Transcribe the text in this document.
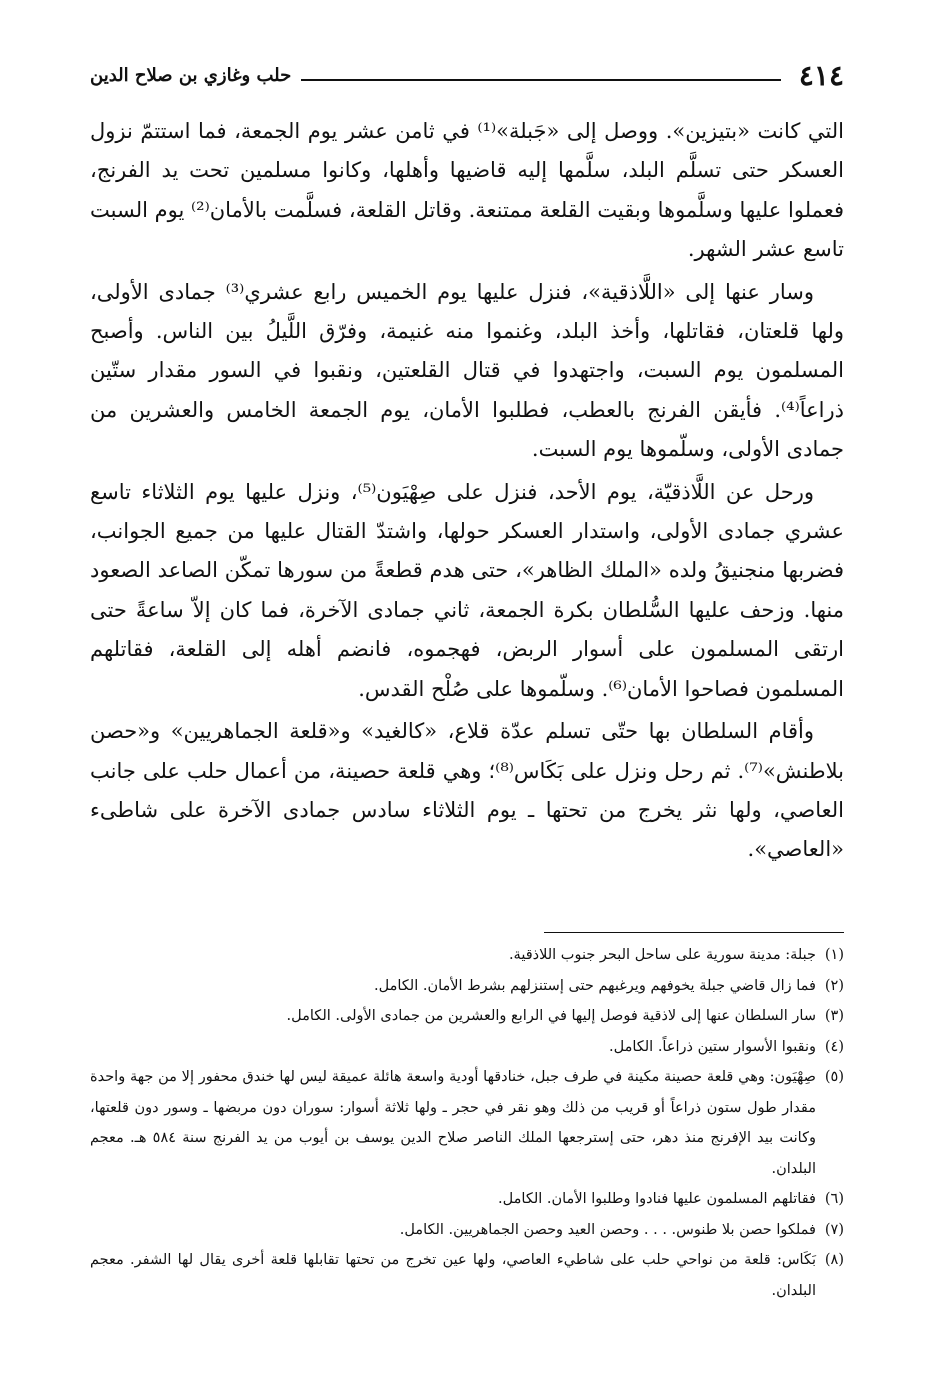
٤١٤
حلب وغازي بن صلاح الدين

التي كانت «بتيزين». ووصل إلى «جَبلة»⁽¹⁾ في ثامن عشر يوم الجمعة، فما استتمّ نزول العسكر حتى تسلَّم البلد، سلَّمها إليه قاضيها وأهلها، وكانوا مسلمين تحت يد الفرنج، فعملوا عليها وسلَّموها وبقيت القلعة ممتنعة. وقاتل القلعة، فسلَّمت بالأمان⁽²⁾ يوم السبت تاسع عشر الشهر.

وسار عنها إلى «اللَّاذقية»، فنزل عليها يوم الخميس رابع عشري⁽³⁾ جمادى الأولى، ولها قلعتان، فقاتلها، وأخذ البلد، وغنموا منه غنيمة، وفرّق اللَّيلُ بين الناس. وأصبح المسلمون يوم السبت، واجتهدوا في قتال القلعتين، ونقبوا في السور مقدار ستّين ذراعاً⁽⁴⁾. فأيقن الفرنج بالعطب، فطلبوا الأمان، يوم الجمعة الخامس والعشرين من جمادى الأولى، وسلّموها يوم السبت.

ورحل عن اللَّاذقيّة، يوم الأحد، فنزل على صِهْيَون⁽⁵⁾، ونزل عليها يوم الثلاثاء تاسع عشري جمادى الأولى، واستدار العسكر حولها، واشتدّ القتال عليها من جميع الجوانب، فضربها منجنيقُ ولده «الملك الظاهر»، حتى هدم قطعةً من سورها تمكّن الصاعد الصعود منها. وزحف عليها السُّلطان بكرة الجمعة، ثاني جمادى الآخرة، فما كان إلاّ ساعةً حتى ارتقى المسلمون على أسوار الربض، فهجموه، فانضم أهله إلى القلعة، فقاتلهم المسلمون فصاحوا الأمان⁽⁶⁾. وسلّموها على صُلْح القدس.

وأقام السلطان بها حتّى تسلم عدّة قلاع، «كالغيد» و«قلعة الجماهريين» و«حصن بلاطنش»⁽⁷⁾. ثم رحل ونزل على بَكَاس⁽⁸⁾؛ وهي قلعة حصينة، من أعمال حلب على جانب العاصي، ولها نثر يخرج من تحتها ـ يوم الثلاثاء سادس جمادى الآخرة على شاطىء «العاصي».

(١)
جبلة: مدينة سورية على ساحل البحر جنوب اللاذقية.
(٢)
فما زال قاضي جبلة يخوفهم ويرغبهم حتى إستنزلهم بشرط الأمان. الكامل.
(٣)
سار السلطان عنها إلى لاذقية فوصل إليها في الرابع والعشرين من جمادى الأولى. الكامل.
(٤)
ونقبوا الأسوار ستين ذراعاً. الكامل.
(٥)
صِهْيَون: وهي قلعة حصينة مكينة في طرف جبل، خنادقها أودية واسعة هائلة عميقة ليس لها خندق محفور إلا من جهة واحدة مقدار طول ستون ذراعاً أو قريب من ذلك وهو نقر في حجر ـ ولها ثلاثة أسوار: سوران دون مربضها ـ وسور دون قلعتها، وكانت بيد الإفرنج منذ دهر، حتى إسترجعها الملك الناصر صلاح الدين يوسف بن أيوب من يد الفرنج سنة ٥٨٤ هـ. معجم البلدان.
(٦)
فقاتلهم المسلمون عليها فنادوا وطلبوا الأمان. الكامل.
(٧)
فملكوا حصن بلا طنوس. . . . وحصن العيد وحصن الجماهريين. الكامل.
(٨)
بَكَاس: قلعة من نواحي حلب على شاطيء العاصي، ولها عين تخرج من تحتها تقابلها قلعة أخرى يقال لها الشفر. معجم البلدان.
